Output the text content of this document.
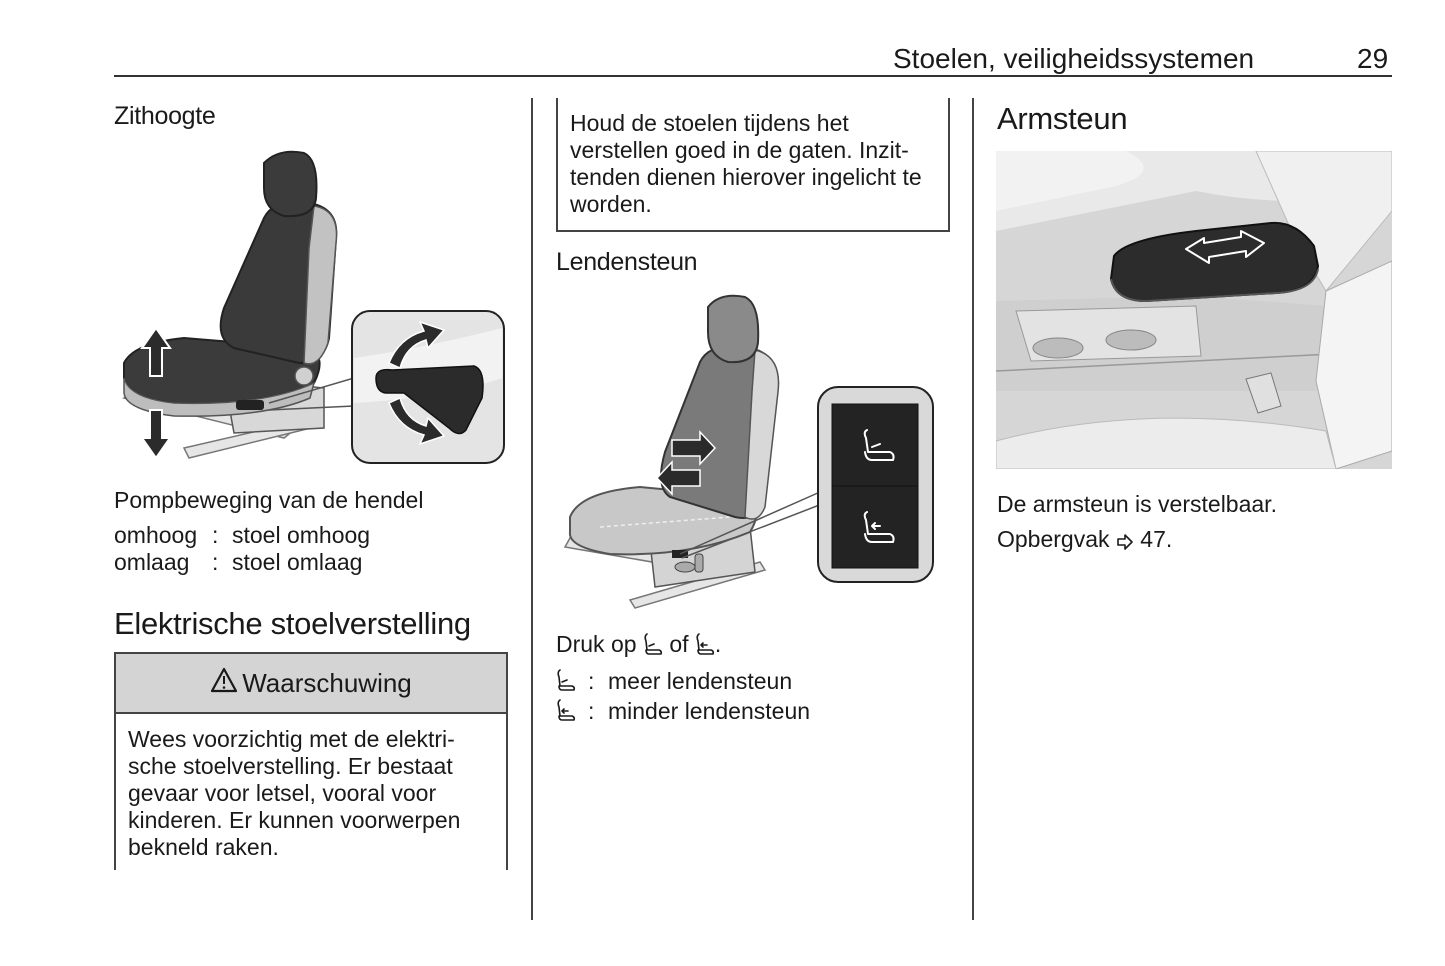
Stoelen, veiligheidssystemen	29
Zithoogte
Pompbeweging van de hendel
omhoog : stoel omhoog
omlaag : stoel omlaag
Elektrische stoelverstelling
Waarschuwing
Wees voorzichtig met de elektri-
sche stoelverstelling. Er bestaat
gevaar voor letsel, vooral voor
kinderen. Er kunnen voorwerpen
bekneld raken.
Houd de stoelen tijdens het
verstellen goed in de gaten. Inzit-
tenden dienen hierover ingelicht te
worden.
Lendensteun
Druk op of .
: meer lendensteun
: minder lendensteun
Armsteun
De armsteun is verstelbaar.
Opbergvak 47.
